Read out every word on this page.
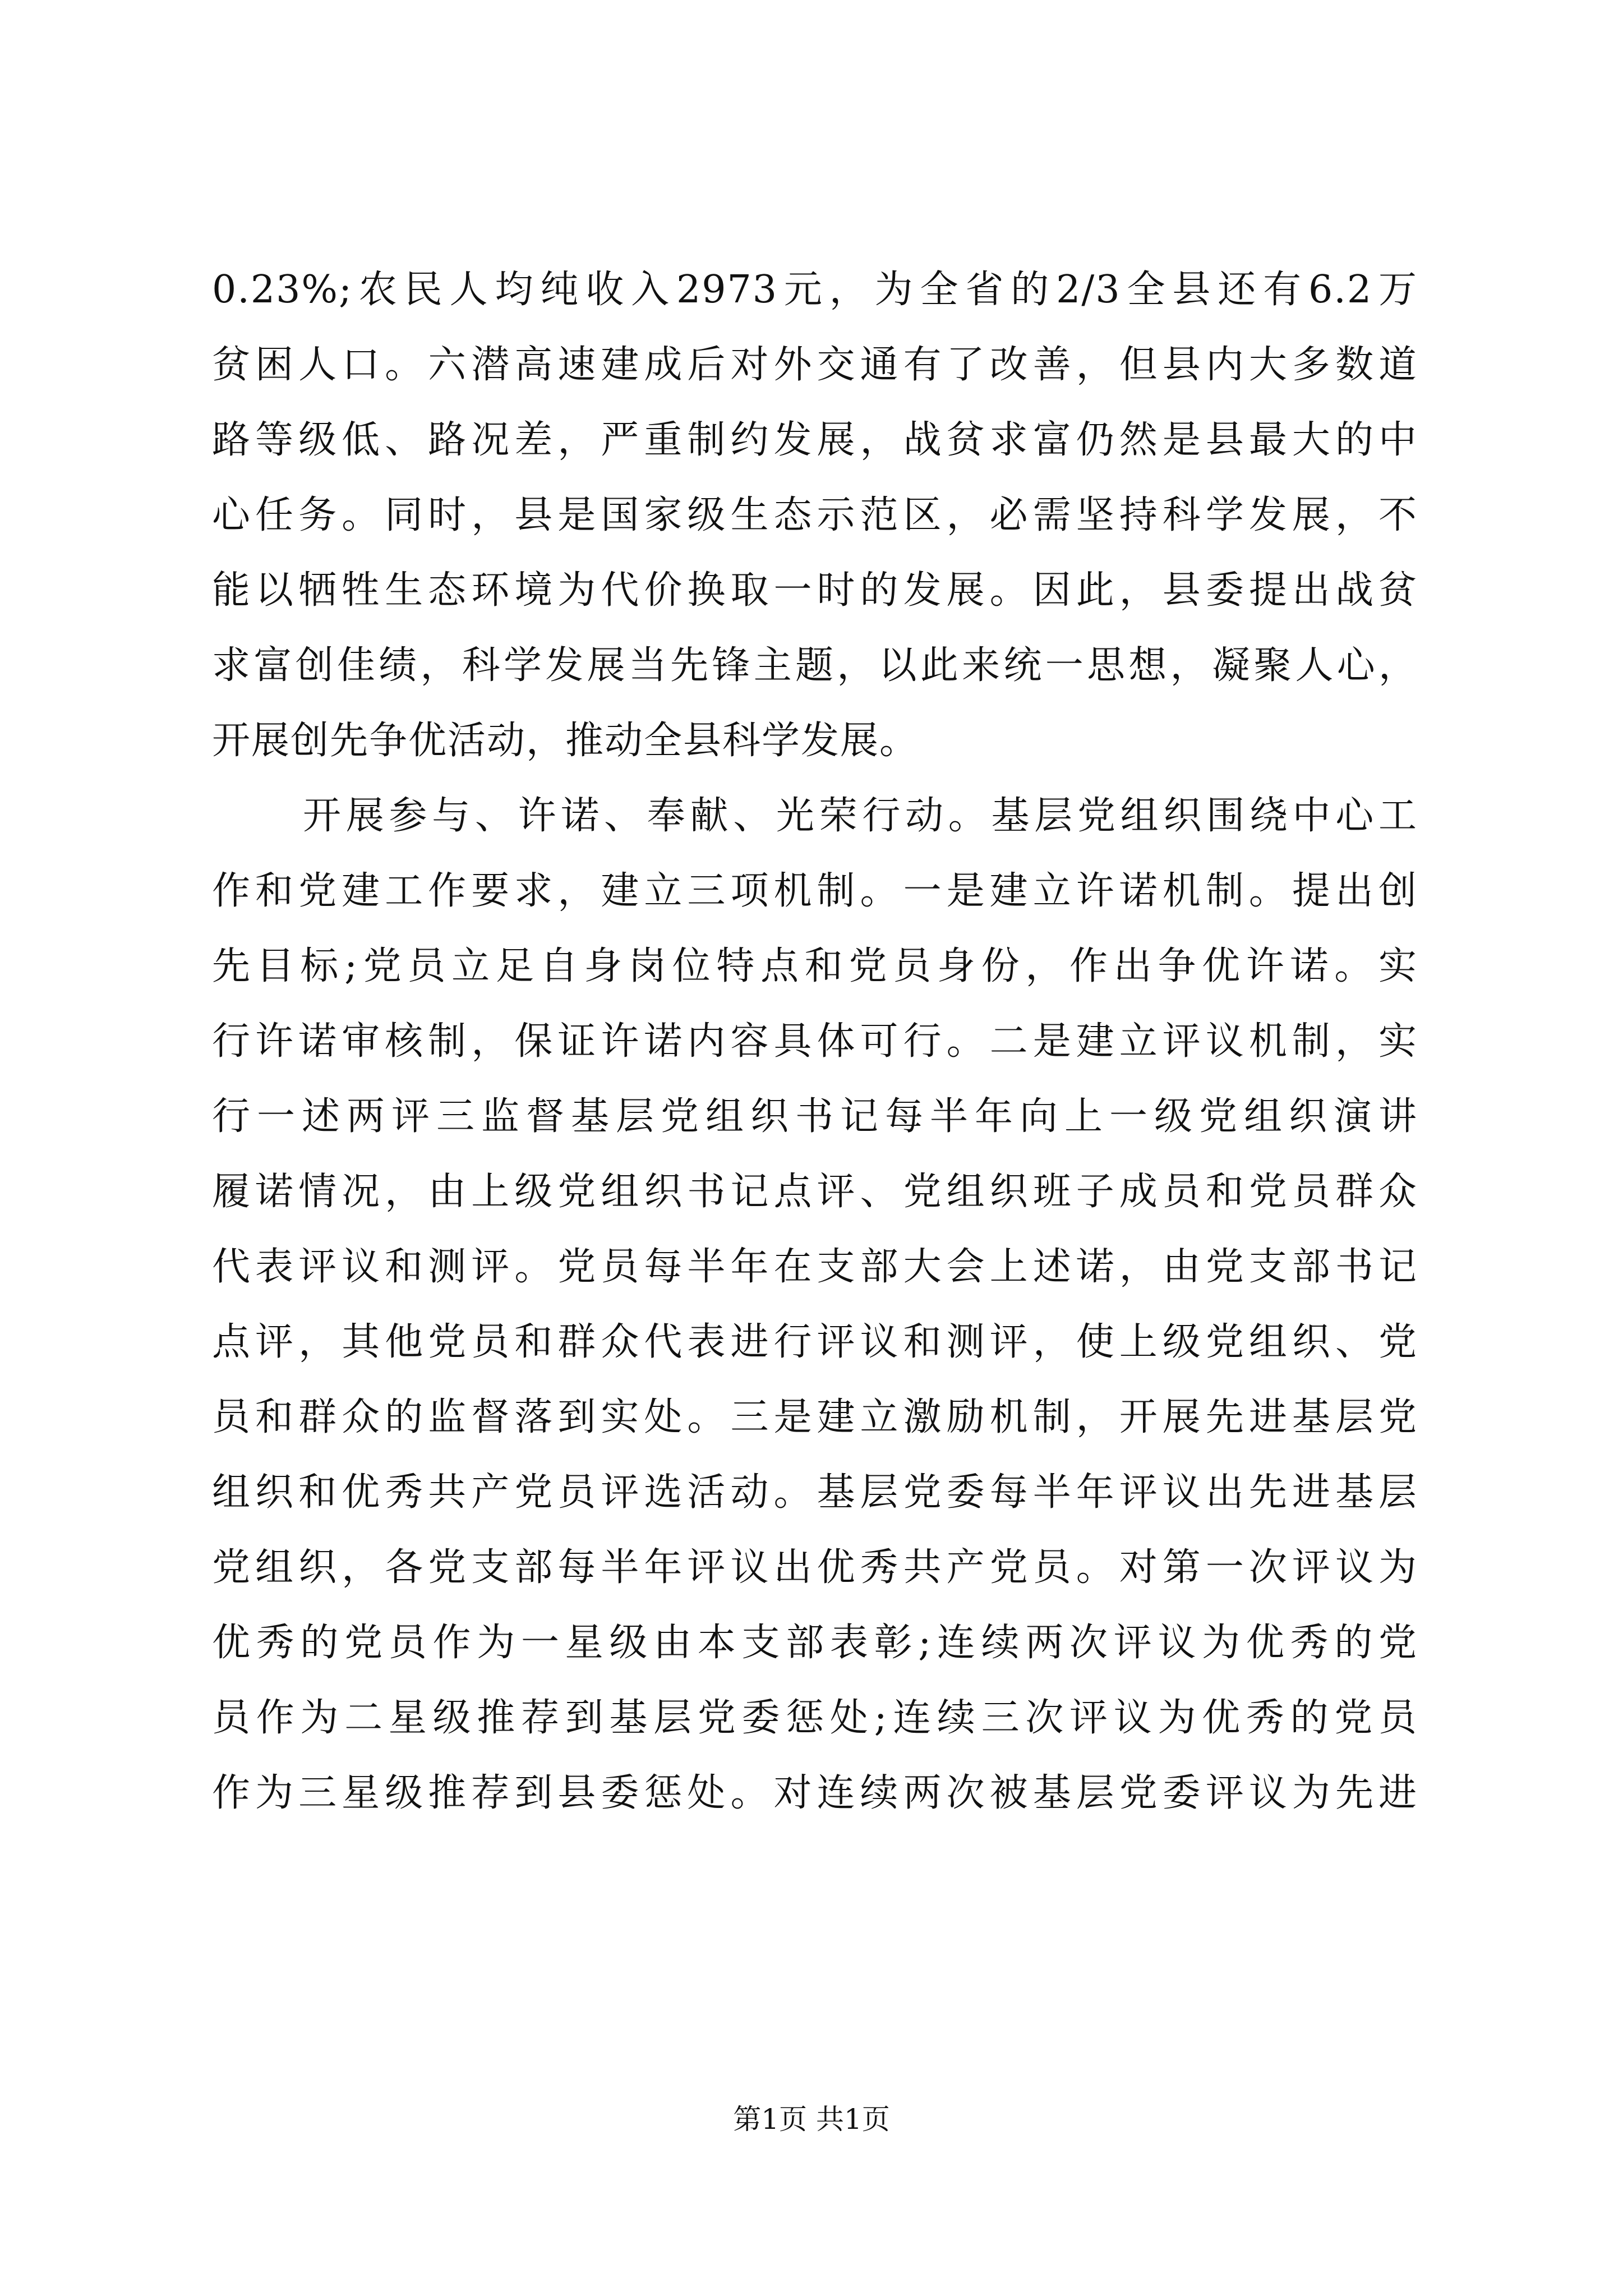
0.23%;农民人均纯收入2973元，为全省的2/3全县还有6.2万
贫困人口。六潜高速建成后对外交通有了改善，但县内大多数道
路等级低、路况差，严重制约发展，战贫求富仍然是县最大的中
心任务。同时，县是国家级生态示范区，必需坚持科学发展，不
能以牺牲生态环境为代价换取一时的发展。因此，县委提出战贫
求富创佳绩，科学发展当先锋主题，以此来统一思想，凝聚人心，
开展创先争优活动，推动全县科学发展。
开展参与、许诺、奉献、光荣行动。基层党组织围绕中心工
作和党建工作要求，建立三项机制。一是建立许诺机制。提出创
先目标;党员立足自身岗位特点和党员身份，作出争优许诺。实
行许诺审核制，保证许诺内容具体可行。二是建立评议机制，实
行一述两评三监督基层党组织书记每半年向上一级党组织演讲
履诺情况，由上级党组织书记点评、党组织班子成员和党员群众
代表评议和测评。党员每半年在支部大会上述诺，由党支部书记
点评，其他党员和群众代表进行评议和测评，使上级党组织、党
员和群众的监督落到实处。三是建立激励机制，开展先进基层党
组织和优秀共产党员评选活动。基层党委每半年评议出先进基层
党组织，各党支部每半年评议出优秀共产党员。对第一次评议为
优秀的党员作为一星级由本支部表彰;连续两次评议为优秀的党
员作为二星级推荐到基层党委惩处;连续三次评议为优秀的党员
作为三星级推荐到县委惩处。对连续两次被基层党委评议为先进
第1页 共1页
